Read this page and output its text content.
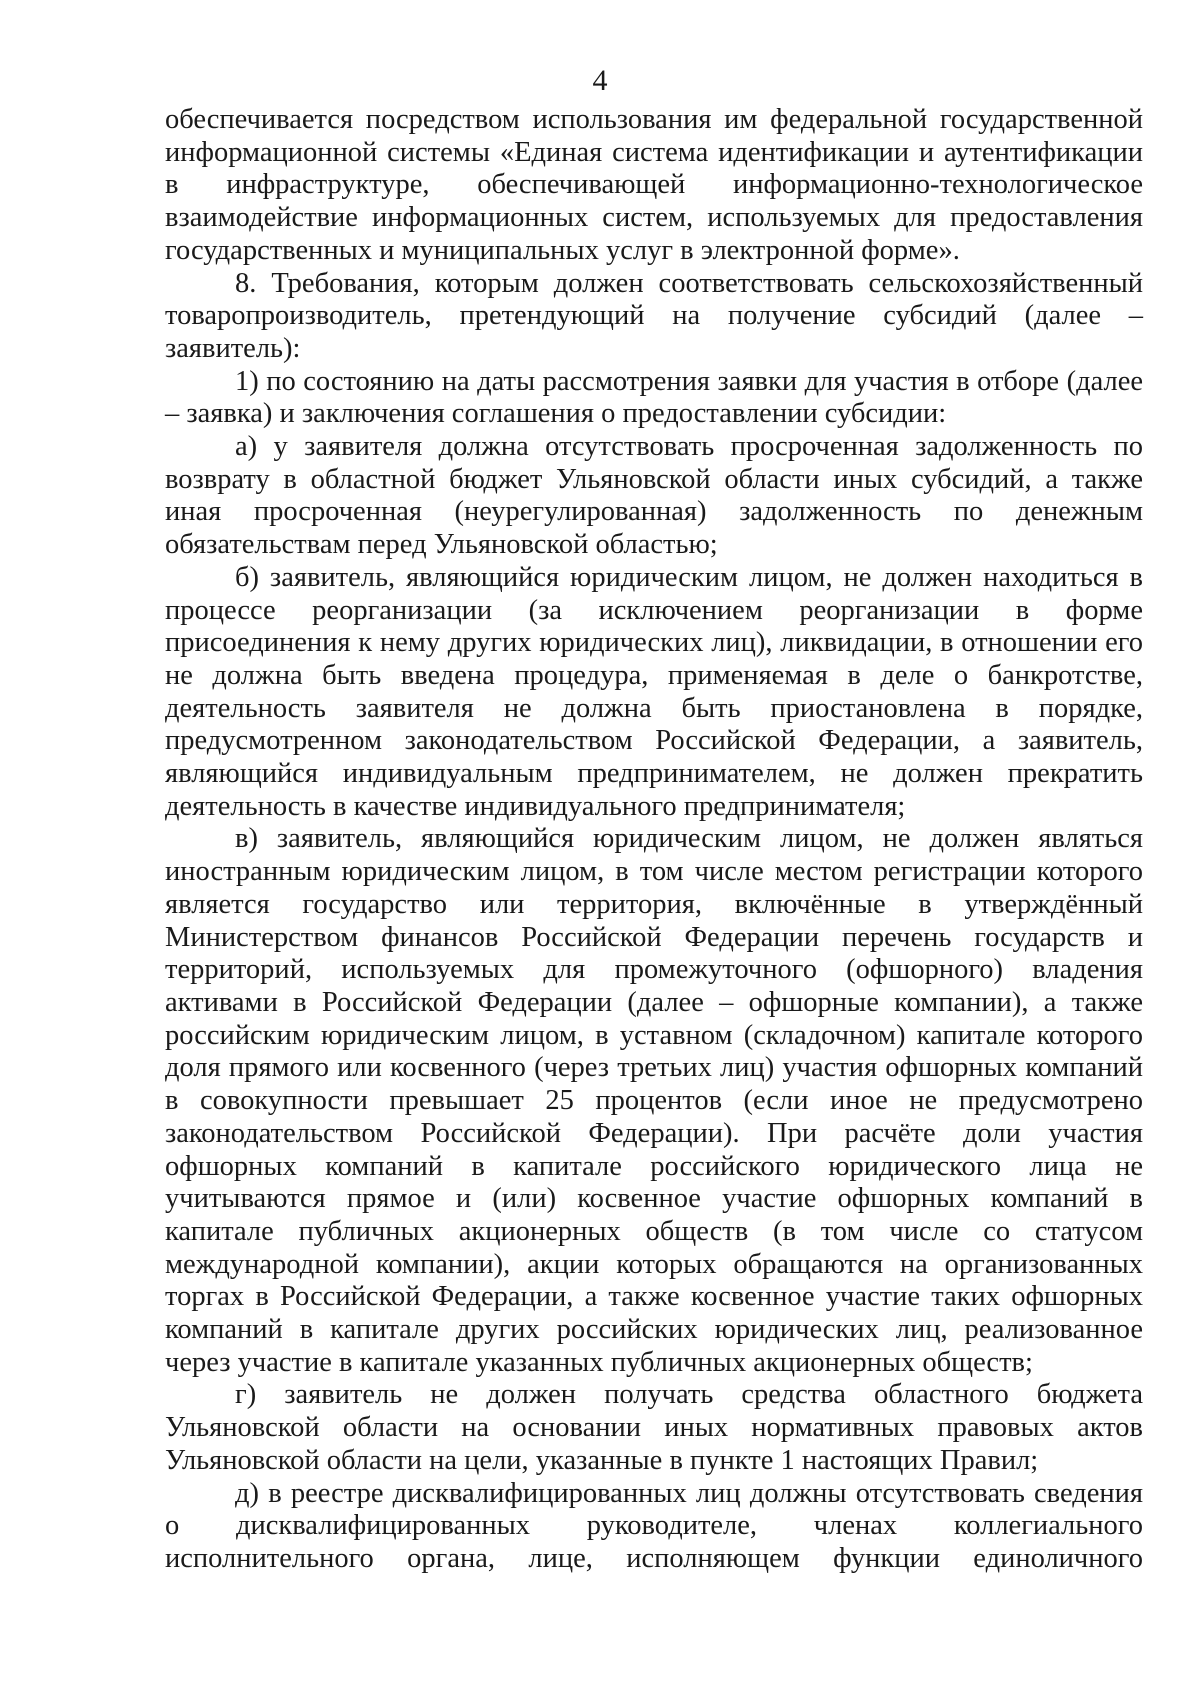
4

обеспечивается посредством использования им федеральной государственной информационной системы «Единая система идентификации и аутентификации в инфраструктуре, обеспечивающей информационно-технологическое взаимодействие информационных систем, используемых для предоставления государственных и муниципальных услуг в электронной форме».

8. Требования, которым должен соответствовать сельскохозяйственный товаропроизводитель, претендующий на получение субсидий (далее – заявитель):

1) по состоянию на даты рассмотрения заявки для участия в отборе (далее – заявка) и заключения соглашения о предоставлении субсидии:

а) у заявителя должна отсутствовать просроченная задолженность по возврату в областной бюджет Ульяновской области иных субсидий, а также иная просроченная (неурегулированная) задолженность по денежным обязательствам перед Ульяновской областью;

б) заявитель, являющийся юридическим лицом, не должен находиться в процессе реорганизации (за исключением реорганизации в форме присоединения к нему других юридических лиц), ликвидации, в отношении его не должна быть введена процедура, применяемая в деле о банкротстве, деятельность заявителя не должна быть приостановлена в порядке, предусмотренном законодательством Российской Федерации, а заявитель, являющийся индивидуальным предпринимателем, не должен прекратить деятельность в качестве индивидуального предпринимателя;

в) заявитель, являющийся юридическим лицом, не должен являться иностранным юридическим лицом, в том числе местом регистрации которого является государство или территория, включённые в утверждённый Министерством финансов Российской Федерации перечень государств и территорий, используемых для промежуточного (офшорного) владения активами в Российской Федерации (далее – офшорные компании), а также российским юридическим лицом, в уставном (складочном) капитале которого доля прямого или косвенного (через третьих лиц) участия офшорных компаний в совокупности превышает 25 процентов (если иное не предусмотрено законодательством Российской Федерации). При расчёте доли участия офшорных компаний в капитале российского юридического лица не учитываются прямое и (или) косвенное участие офшорных компаний в капитале публичных акционерных обществ (в том числе со статусом международной компании), акции которых обращаются на организованных торгах в Российской Федерации, а также косвенное участие таких офшорных компаний в капитале других российских юридических лиц, реализованное через участие в капитале указанных публичных акционерных обществ;

г) заявитель не должен получать средства областного бюджета Ульяновской области на основании иных нормативных правовых актов Ульяновской области на цели, указанные в пункте 1 настоящих Правил;

д) в реестре дисквалифицированных лиц должны отсутствовать сведения о дисквалифицированных руководителе, членах коллегиального исполнительного органа, лице, исполняющем функции единоличного
